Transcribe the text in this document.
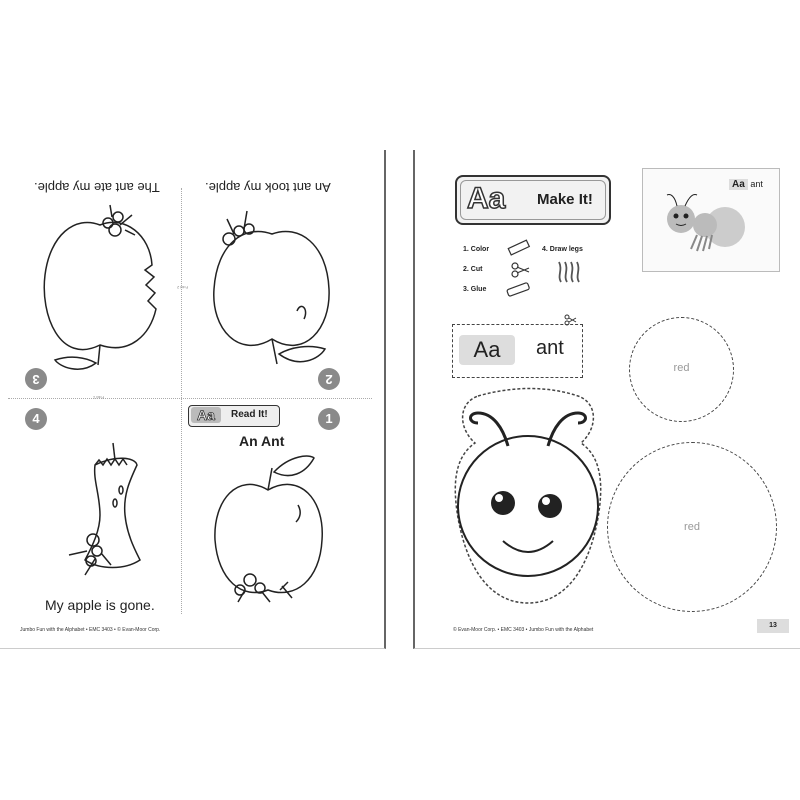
Fold 2
Fold 1
The ant ate my apple.
3
An ant took my apple.
2
4
My apple is gone.
Aa	Read It!	1
An Ant
Jumbo Fun with the Alphabet • EMC 3403 • © Evan-Moor Corp.
Aa Make It!
1. Color
2. Cut
3. Glue
4. Draw legs
Aa ant
Aa	ant
red
red
© Evan-Moor Corp. • EMC 3403 • Jumbo Fun with the Alphabet
13
